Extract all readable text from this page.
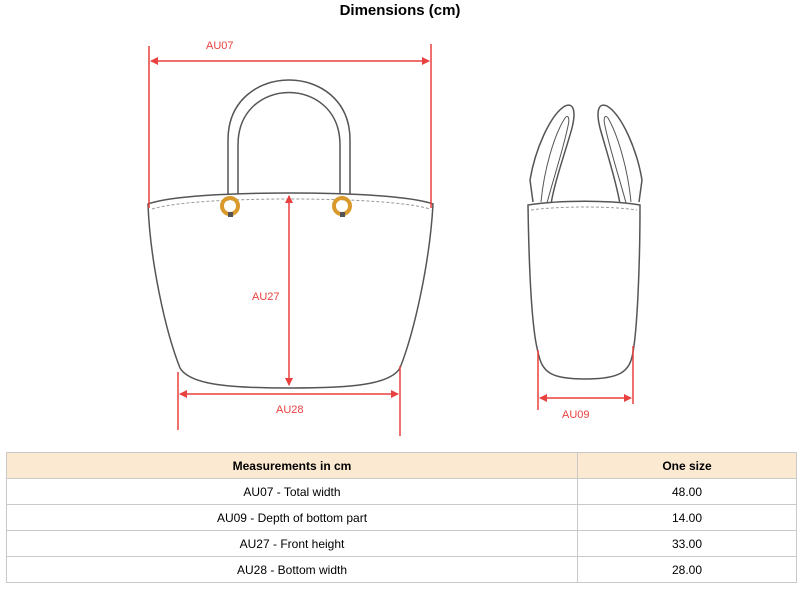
Dimensions (cm)
AU07
AU27
AU28	AU09
Measurements in cm	One size
AU07 - Total width	48.00
AU09 - Depth of bottom part	14.00
AU27 - Front height	33.00
AU28 - Bottom width	28.00
